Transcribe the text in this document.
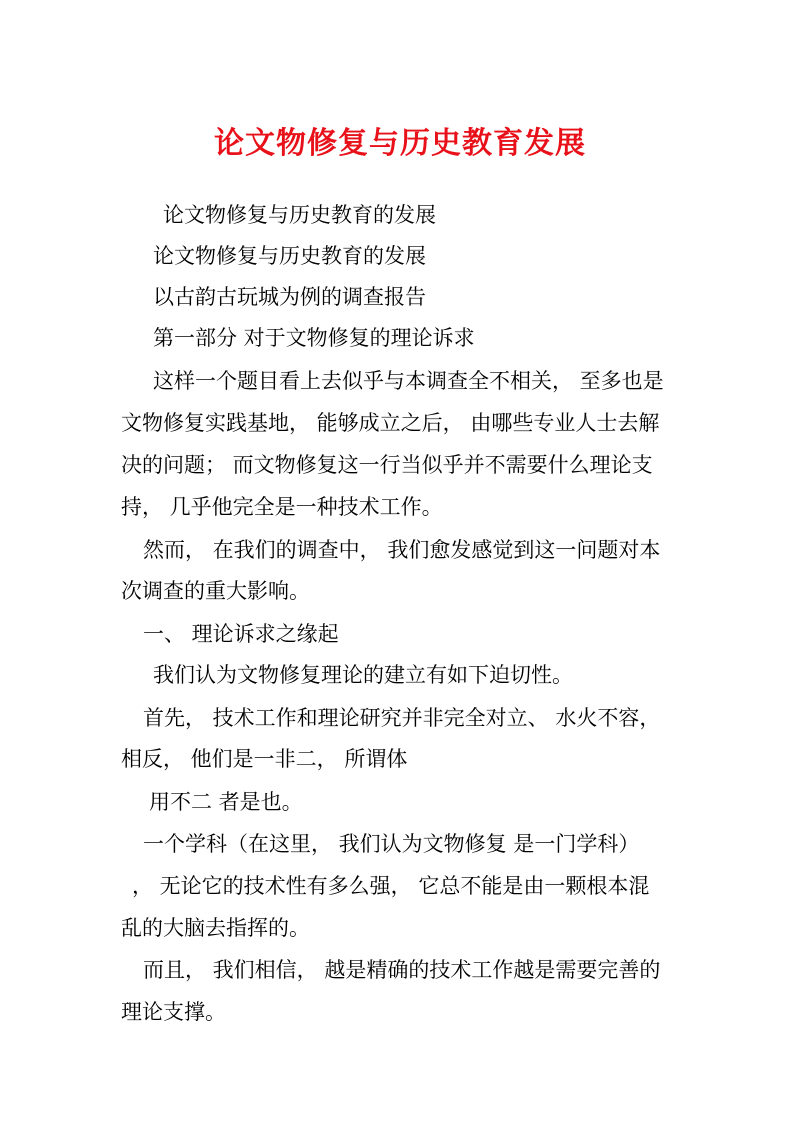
论文物修复与历史教育发展
论文物修复与历史教育的发展
论文物修复与历史教育的发展
以古韵古玩城为例的调查报告
第一部分 对于文物修复的理论诉求
这样一个题目看上去似乎与本调查全不相关， 至多也是
文物修复实践基地， 能够成立之后， 由哪些专业人士去解
决的问题； 而文物修复这一行当似乎并不需要什么理论支
持， 几乎他完全是一种技术工作。
然而， 在我们的调查中， 我们愈发感觉到这一问题对本
次调查的重大影响。
一、 理论诉求之缘起
我们认为文物修复理论的建立有如下迫切性。
首先， 技术工作和理论研究并非完全对立、 水火不容，
相反， 他们是一非二， 所谓体
用不二 者是也。
一个学科（在这里， 我们认为文物修复 是一门学科）
， 无论它的技术性有多么强， 它总不能是由一颗根本混
乱的大脑去指挥的。
而且， 我们相信， 越是精确的技术工作越是需要完善的
理论支撑。
